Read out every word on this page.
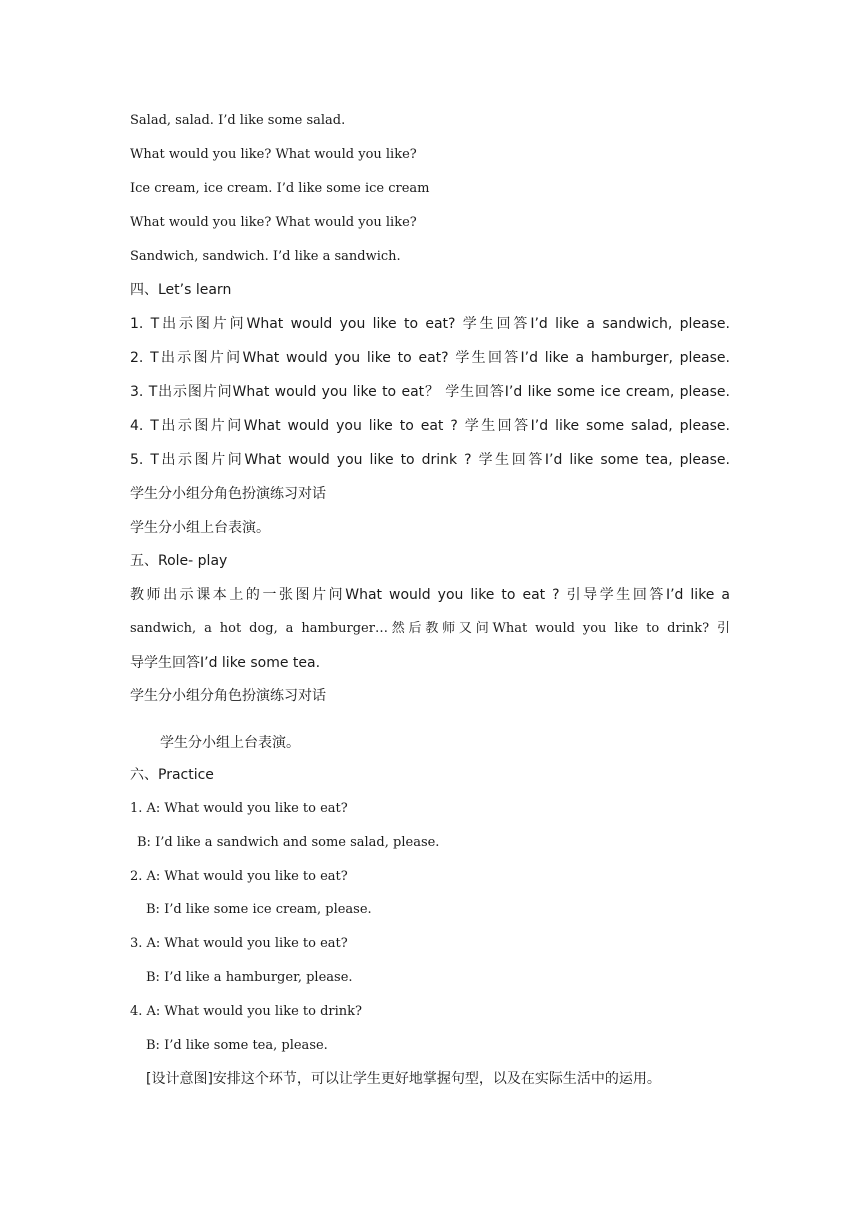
Salad, salad. I’d like some salad.
What would you like? What would you like?
Ice cream, ice cream. I’d like some ice cream
What would you like? What would you like?
Sandwich, sandwich. I’d like a sandwich.
四、Let’s learn
1. T出示图片问What would you like to eat? 学生回答I’d like a sandwich, please.
2. T出示图片问What would you like to eat? 学生回答I’d like a hamburger, please.
3. T出示图片问What would you like to eat？ 学生回答I’d like some ice cream, please.
4. T出示图片问What would you like to eat ? 学生回答I’d like some salad, please.
5. T出示图片问What would you like to drink ? 学生回答I’d like some tea, please.
学生分小组分角色扮演练习对话
学生分小组上台表演。
五、Role- play
教师出示课本上的一张图片问What would you like to eat ? 引导学生回答I’d like a
sandwich, a hot dog, a hamburger…然后教师又问What would you like to drink? 引
导学生回答I’d like some tea.
学生分小组分角色扮演练习对话
学生分小组上台表演。
六、Practice
1. A: What would you like to eat?
B: I’d like a sandwich and some salad, please.
2. A: What would you like to eat?
B: I’d like some ice cream, please.
3. A: What would you like to eat?
B: I’d like a hamburger, please.
4. A: What would you like to drink?
B: I’d like some tea, please.
[设计意图]安排这个环节，可以让学生更好地掌握句型，以及在实际生活中的运用。
